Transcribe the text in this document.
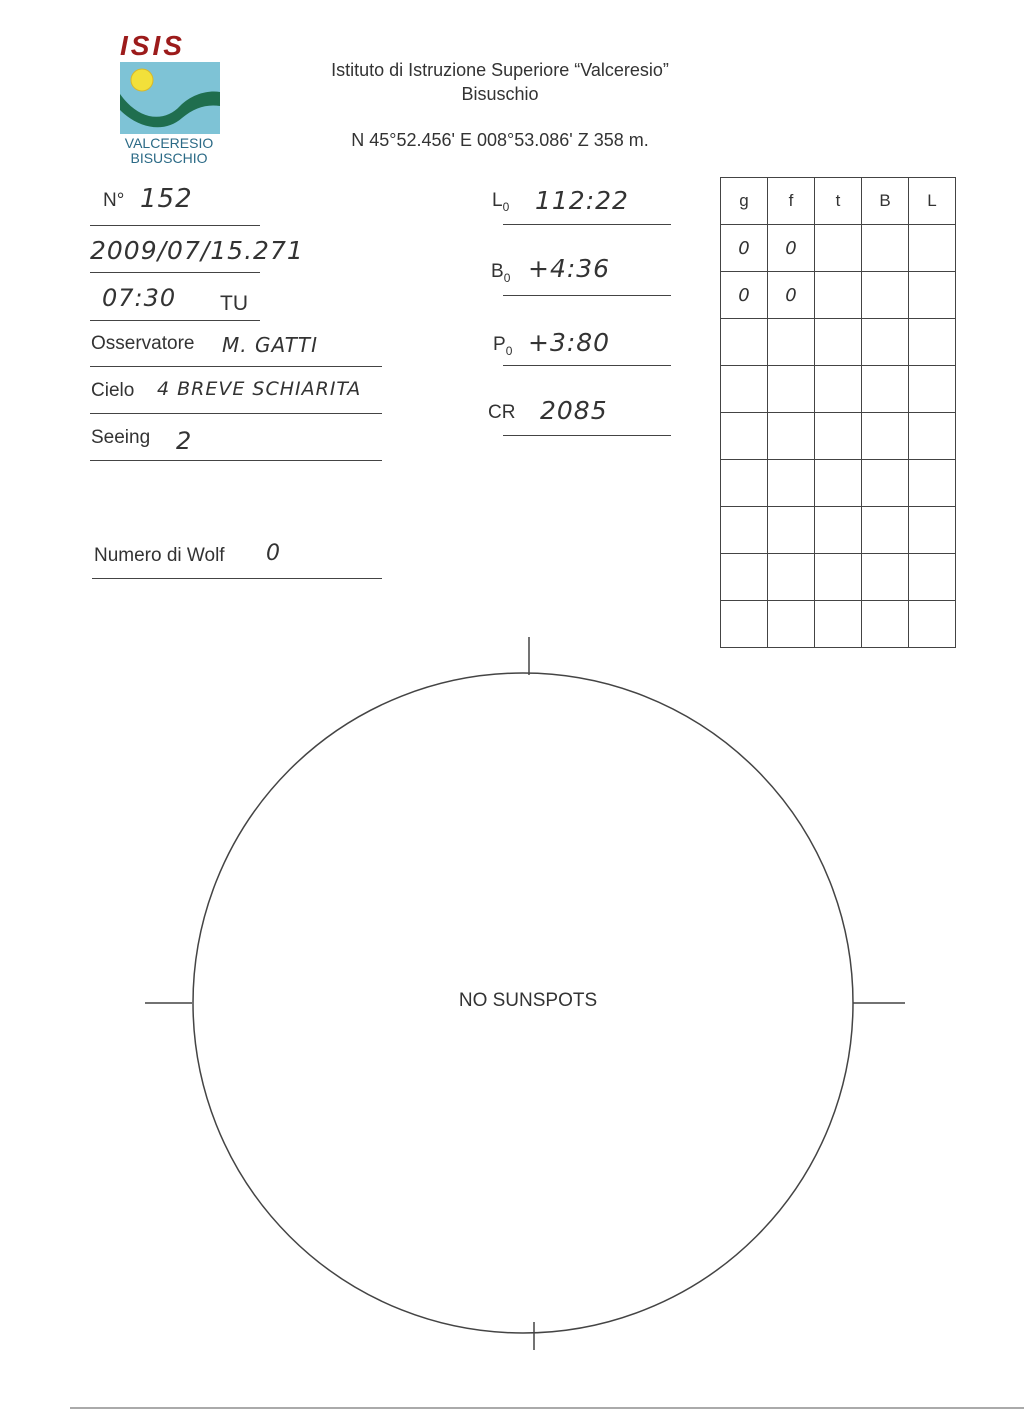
ISIS
VALCERESIO
BISUSCHIO
Istituto di Istruzione Superiore “Valceresio”
Bisuschio
N 45°52.456' E 008°53.086' Z 358 m.
N° 152
2009/07/15.271
07:30 TU
Osservatore M. GATTI
Cielo 4 BREVE SCHIARITA
Seeing 2
Numero di Wolf 0
$L_0$ 112:22
$B_0$ +4:36
$P_0$ +3:80
CR 2085
g	f	t	B	L
0	0			
0	0			

NO SUNSPOTS
